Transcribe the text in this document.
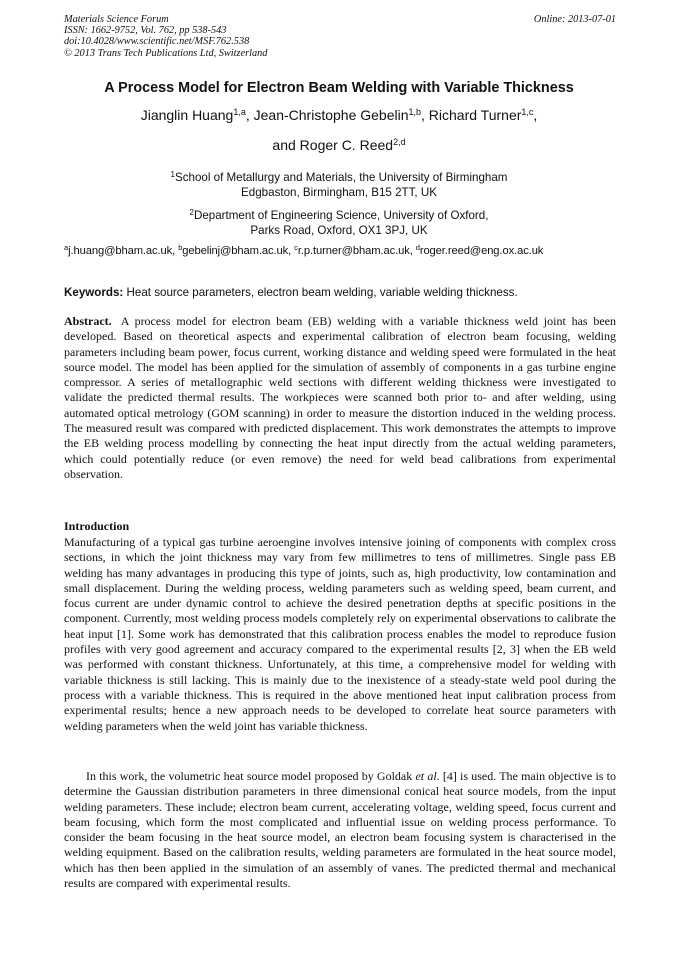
Materials Science Forum
ISSN: 1662-9752, Vol. 762, pp 538-543
doi:10.4028/www.scientific.net/MSF.762.538
© 2013 Trans Tech Publications Ltd, Switzerland
Online: 2013-07-01
A Process Model for Electron Beam Welding with Variable Thickness
Jianglin Huang$^{1,a}$, Jean-Christophe Gebelin$^{1,b}$, Richard Turner$^{1,c}$,
and Roger C. Reed$^{2,d}$
$^1$School of Metallurgy and Materials, the University of Birmingham
Edgbaston, Birmingham, B15 2TT, UK
$^2$Department of Engineering Science, University of Oxford,
Parks Road, Oxford, OX1 3PJ, UK
$^a$j.huang@bham.ac.uk, $^b$gebelinj@bham.ac.uk, $^c$r.p.turner@bham.ac.uk, $^d$roger.reed@eng.ox.ac.uk
Keywords: Heat source parameters, electron beam welding, variable welding thickness.

Abstract. A process model for electron beam (EB) welding with a variable thickness weld joint has been developed. Based on theoretical aspects and experimental calibration of electron beam focusing, welding parameters including beam power, focus current, working distance and welding speed were formulated in the heat source model. The model has been applied for the simulation of assembly of components in a gas turbine engine compressor. A series of metallographic weld sections with different welding thickness were investigated to validate the predicted thermal results. The workpieces were scanned both prior to- and after welding, using automated optical metrology (GOM scanning) in order to measure the distortion induced in the welding process. The measured result was compared with predicted displacement. This work demonstrates the attempts to improve the EB welding process modelling by connecting the heat input directly from the actual welding parameters, which could potentially reduce (or even remove) the need for weld bead calibrations from experimental observation.

Introduction

Manufacturing of a typical gas turbine aeroengine involves intensive joining of components with complex cross sections, in which the joint thickness may vary from few millimetres to tens of millimetres. Single pass EB welding has many advantages in producing this type of joints, such as, high productivity, low contamination and small displacement. During the welding process, welding parameters such as welding speed, beam current, and focus current are under dynamic control to achieve the desired penetration depths at specific positions in the component. Currently, most welding process models completely rely on experimental observations to calibrate the heat input [1]. Some work has demonstrated that this calibration process enables the model to reproduce fusion profiles with very good agreement and accuracy compared to the experimental results [2, 3] when the EB weld was performed with constant thickness. Unfortunately, at this time, a comprehensive model for welding with variable thickness is still lacking. This is mainly due to the inexistence of a steady-state weld pool during the process with a variable thickness. This is required in the above mentioned heat input calibration process from experimental results; hence a new approach needs to be developed to correlate heat source parameters with welding parameters when the weld joint has variable thickness.

In this work, the volumetric heat source model proposed by Goldak et al. [4] is used. The main objective is to determine the Gaussian distribution parameters in three dimensional conical heat source models, from the input welding parameters. These include; electron beam current, accelerating voltage, welding speed, focus current and beam focusing, which form the most complicated and influential issue on welding process performance. To consider the beam focusing in the heat source model, an electron beam focusing system is characterised in the welding equipment. Based on the calibration results, welding parameters are formulated in the heat source model, which has then been applied in the simulation of an assembly of vanes. The predicted thermal and mechanical results are compared with experimental results.
